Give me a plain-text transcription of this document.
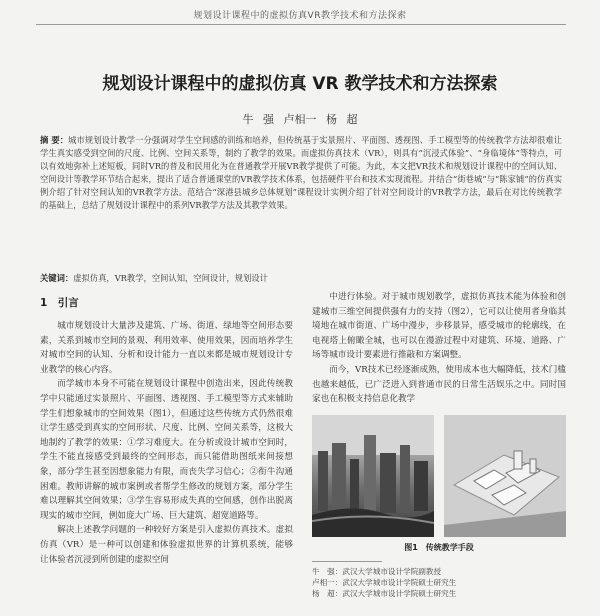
规划设计课程中的虚拟仿真VR教学技术和方法探索
规划设计课程中的虚拟仿真 VR 教学技术和方法探索
牛 强 卢相一 杨 超
摘 要：城市规划设计教学一分强调对学生空间感的训练和培养，但传统基于实景照片、平面图、透视图、手工模型等的传统教学方法却很难让学生真实感受到空间的尺度、比例、空间关系等，制约了教学的效果。而虚拟仿真技术（VR），则具有“沉浸式体验”、“身临境体”等特点，可以有效地弥补上述短板，同时VR的普及和民用化为在普通教学开展VR教学提供了可能。为此，本文把VR技术和规划设计课程中的空间认知、空间设计等教学环节结合起来，提出了适合普通课堂的VR教学技术体系，包括硬件平台和技术实现流程。并结合“街巷城”与“陈家铺”的仿真实例介绍了针对空间认知的VR教学方法。范结合“深港县城乡总体规划”课程设计实例介绍了针对空间设计的VR教学方法，最后在对比传统教学的基础上，总结了规划设计课程中的系列VR教学方法及其教学效果。
关键词：虚拟仿真，VR教学，空间认知，空间设计，规划设计
1　引言

城市规划设计大量涉及建筑、广场、街道、绿地等空间形态要素，关系到城市空间的景观、利用效率、使用效果，因而培养学生对城市空间的认知、分析和设计能力一直以来都是城市规划设计专业教学的核心内容。

而学城市本身不可能在规划设计课程中创造出来，因此传统教学中只能通过实景照片、平面图、透视图、手工模型等方式来辅助学生们想象城市的空间效果（图1），但通过这些传统方式仍然很难让学生感受到真实的空间形状、尺度、比例、空间关系等，这极大地制约了教学的效果：①学习难度大。在分析或设计城市空间时，学生不能直接感受到最终的空间形态，而只能借助图纸来间接想象，部分学生甚至因想象能力有限，而丧失学习信心；②衔牛沟通困难。教师讲解的城市案例或者帮学生修改的规划方案，部分学生难以理解其空间效果；③学生容易形成失真的空间感，创作出脱离现实的城市空间，例如庞大广场、巨大建筑、超宽道路等。

解决上述教学问题的一种较好方案是引入虚拟仿真技术。虚拟仿真（VR）是一种可以创建和体验虚拟世界的计算机系统，能够让体验者沉浸到所创建的虚拟空间

中进行体验。对于城市规划教学，虚拟仿真技术能为体验和创建城市三维空间提供强有力的支持（图2），它可以让使用者身临其境地在城市街道、广场中漫步，步移景异，感受城市的轮廓线，在电视塔上俯瞰全城，也可以在漫游过程中对建筑、环境、道路、广场等城市设计要素进行推敲和方案调整。

而今，VR技术已经逐渐成熟，使用成本也大幅降低，技术门槛也越来越低，已广泛进入到普通市民的日常生活娱乐之中。同时国家也在积极支持信息化教学

图1　传统教学手段

牛　强：武汉大学城市设计学院副教授

卢相一：武汉大学城市设计学院硕士研究生

杨　超：武汉大学城市设计学院硕士研究生
